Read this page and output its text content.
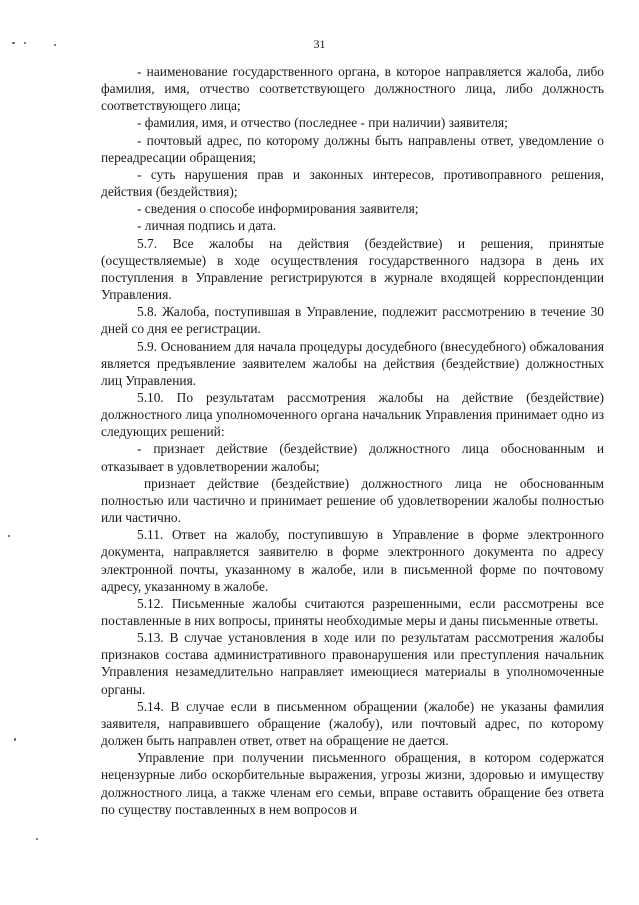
31

- наименование государственного органа, в которое направляется жалоба, либо фамилия, имя, отчество соответствующего должностного лица, либо должность соответствующего лица;

- фамилия, имя, и отчество (последнее - при наличии) заявителя;

- почтовый адрес, по которому должны быть направлены ответ, уведомление о переадресации обращения;

- суть нарушения прав и законных интересов, противоправного решения, действия (бездействия);

- сведения о способе информирования заявителя;

- личная подпись и дата.

5.7. Все жалобы на действия (бездействие) и решения, принятые (осуществляемые) в ходе осуществления государственного надзора в день их поступления в Управление регистрируются в журнале входящей корреспонденции Управления.

5.8. Жалоба, поступившая в Управление, подлежит рассмотрению в течение 30 дней со дня ее регистрации.

5.9. Основанием для начала процедуры досудебного (внесудебного) обжалования является предъявление заявителем жалобы на действия (бездействие) должностных лиц Управления.

5.10. По результатам рассмотрения жалобы на действие (бездействие) должностного лица уполномоченного органа начальник Управления принимает одно из следующих решений:

- признает действие (бездействие) должностного лица обоснованным и отказывает в удовлетворении жалобы;

признает действие (бездействие) должностного лица не обоснованным полностью или частично и принимает решение об удовлетворении жалобы полностью или частично.

5.11. Ответ на жалобу, поступившую в Управление в форме электронного документа, направляется заявителю в форме электронного документа по адресу электронной почты, указанному в жалобе, или в письменной форме по почтовому адресу, указанному в жалобе.

5.12. Письменные жалобы считаются разрешенными, если рассмотрены все поставленные в них вопросы, приняты необходимые меры и даны письменные ответы.

5.13. В случае установления в ходе или по результатам рассмотрения жалобы признаков состава административного правонарушения или преступления начальник Управления незамедлительно направляет имеющиеся материалы в уполномоченные органы.

5.14. В случае если в письменном обращении (жалобе) не указаны фамилия заявителя, направившего обращение (жалобу), или почтовый адрес, по которому должен быть направлен ответ, ответ на обращение не дается.

Управление при получении письменного обращения, в котором содержатся нецензурные либо оскорбительные выражения, угрозы жизни, здоровью и имуществу должностного лица, а также членам его семьи, вправе оставить обращение без ответа по существу поставленных в нем вопросов и
